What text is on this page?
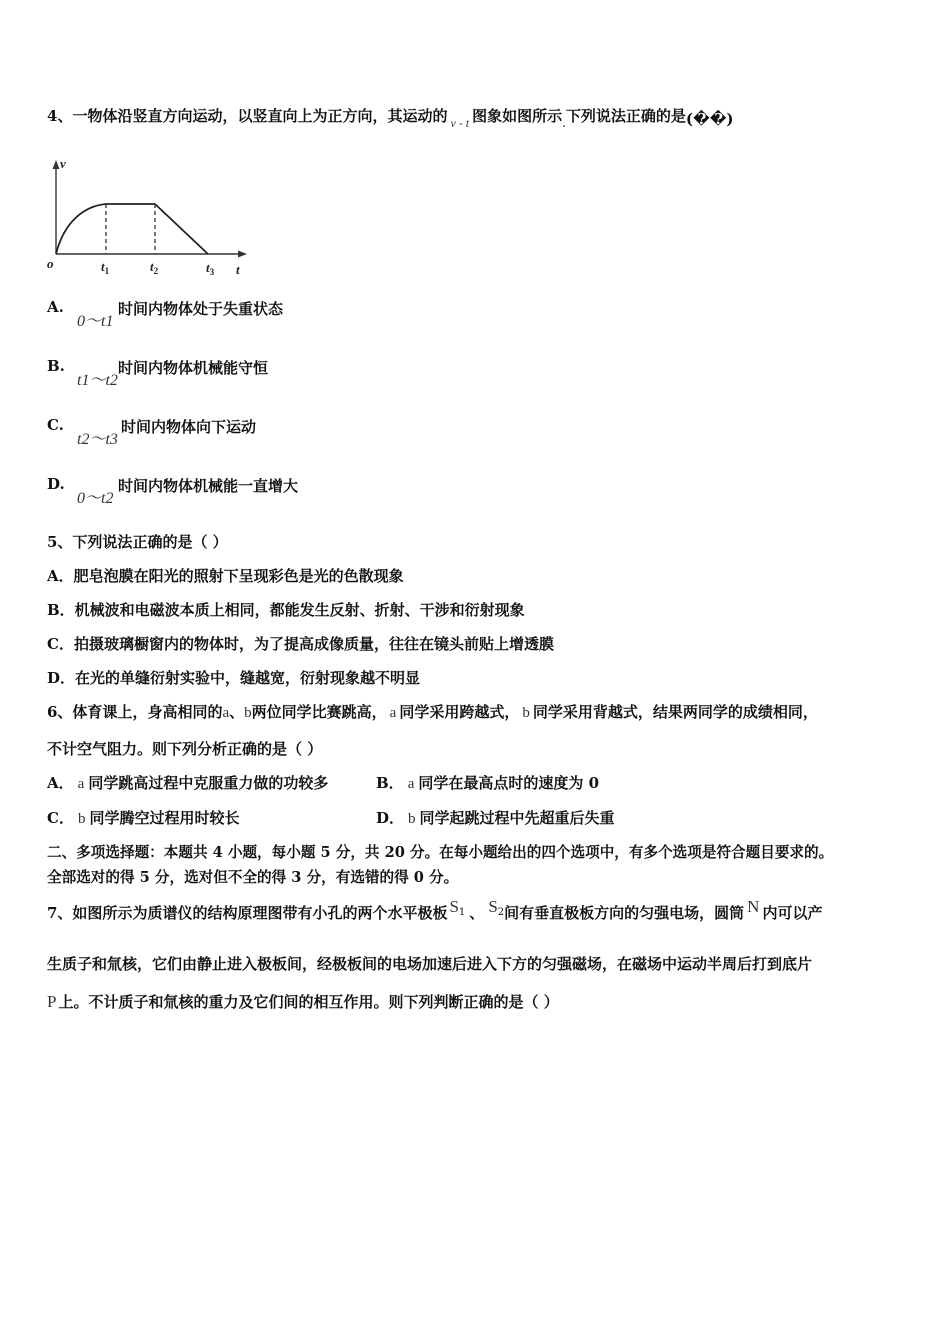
4、一物体沿竖直方向运动，以竖直向上为正方向，其运动的 $_{v - t}$ 图象如图所示.下列说法正确的是(��)
v
o	t
$t_1$	$t_2$	$t_3$
A.
0～t1
时间内物体处于失重状态
B.
t1～t2
时间内物体机械能守恒
C.
t2～t3
时间内物体向下运动
D.
0～t2
时间内物体机械能一直增大
5、下列说法正确的是（ ）
A．肥皂泡膜在阳光的照射下呈现彩色是光的色散现象
B．机械波和电磁波本质上相同，都能发生反射、折射、干涉和衍射现象
C．拍摄玻璃橱窗内的物体时，为了提高成像质量，往往在镜头前贴上增透膜
D．在光的单缝衍射实验中，缝越宽，衍射现象越不明显
6、体育课上，身高相同的a、b两位同学比赛跳高， a 同学采用跨越式， b 同学采用背越式，结果两同学的成绩相同，
不计空气阻力。则下列分析正确的是（ ）
A． a 同学跳高过程中克服重力做的功较多	B． a 同学在最高点时的速度为 0
C． b 同学腾空过程用时较长	D． b 同学起跳过程中先超重后失重
二、多项选择题：本题共 4 小题，每小题 5 分，共 20 分。在每小题给出的四个选项中，有多个选项是符合题目要求的。
全部选对的得 5 分，选对但不全的得 3 分，有选错的得 0 分。
7、如图所示为质谱仪的结构原理图带有小孔的两个水平极板 $S^1$ 、 $S^2$间有垂直极板方向的匀强电场，圆筒 N 内可以产
生质子和氚核，它们由静止进入极板间，经极板间的电场加速后进入下方的匀强磁场，在磁场中运动半周后打到底片
P 上。不计质子和氚核的重力及它们间的相互作用。则下列判断正确的是（ ）
